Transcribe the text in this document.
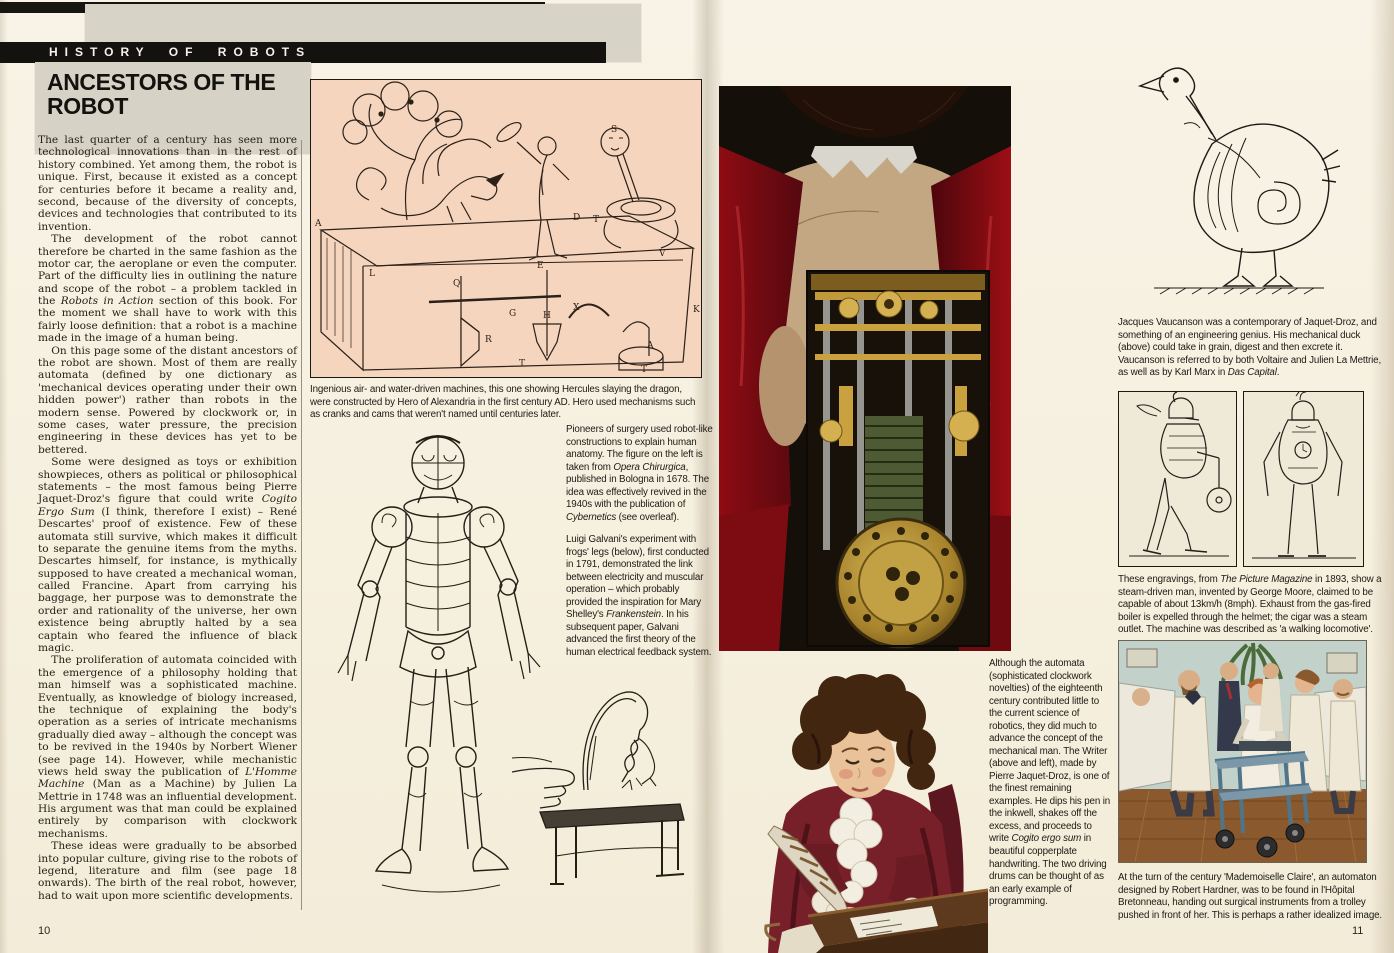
HISTORY OF ROBOTS
ANCESTORS OF THE ROBOT

The last quarter of a century has seen more technological innovations than in the rest of history combined. Yet among them, the robot is unique. First, because it existed as a concept for centuries before it became a reality and, second, because of the diversity of concepts, devices and technologies that contributed to its invention.

The development of the robot cannot therefore be charted in the same fashion as the motor car, the aeroplane or even the computer. Part of the difficulty lies in outlining the nature and scope of the robot – a problem tackled in the Robots in Action section of this book. For the moment we shall have to work with this fairly loose definition: that a robot is a machine made in the image of a human being.

On this page some of the distant ancestors of the robot are shown. Most of them are really automata (defined by one dictionary as 'mechanical devices operating under their own hidden power') rather than robots in the modern sense. Powered by clockwork or, in some cases, water pressure, the precision engineering in these devices has yet to be bettered.

Some were designed as toys or exhibition showpieces, others as political or philosophical statements – the most famous being Pierre Jaquet-Droz's figure that could write Cogito Ergo Sum (I think, therefore I exist) – René Descartes' proof of existence. Few of these automata still survive, which makes it difficult to separate the genuine items from the myths. Descartes himself, for instance, is mythically supposed to have created a mechanical woman, called Francine. Apart from carrying his baggage, her purpose was to demonstrate the order and rationality of the universe, her own existence being abruptly halted by a sea captain who feared the influence of black magic.

The proliferation of automata coincided with the emergence of a philosophy holding that man himself was a sophisticated machine. Eventually, as knowledge of biology increased, the technique of explaining the body's operation as a series of intricate mechanisms gradually died away – although the concept was to be revived in the 1940s by Norbert Wiener (see page 14). However, while mechanistic views held sway the publication of L'Homme Machine (Man as a Machine) by Julien La Mettrie in 1748 was an influential development. His argument was that man could be explained entirely by comparison with clockwork mechanisms.

These ideas were gradually to be absorbed into popular culture, giving rise to the robots of legend, literature and film (see page 18 onwards). The birth of the real robot, however, had to wait upon more scientific developments.

10	11
A
L
Q
E
T
V
S
X	K
R
H
A
D
G
T
T
Ingenious air- and water-driven machines, this one showing Hercules slaying the dragon, were constructed by Hero of Alexandria in the first century AD. Hero used mechanisms such as cranks and cams that weren't named until centuries later.
Pioneers of surgery used robot-like constructions to explain human anatomy. The figure on the left is taken from Opera Chirurgica, published in Bologna in 1678. The idea was effectively revived in the 1940s with the publication of Cybernetics (see overleaf).
Luigi Galvani's experiment with frogs' legs (below), first conducted in 1791, demonstrated the link between electricity and muscular operation – which probably provided the inspiration for Mary Shelley's Frankenstein. In his subsequent paper, Galvani advanced the first theory of the human electrical feedback system.
Although the automata (sophisticated clockwork novelties) of the eighteenth century contributed little to the current science of robotics, they did much to advance the concept of the mechanical man. The Writer (above and left), made by Pierre Jaquet-Droz, is one of the finest remaining examples. He dips his pen in the inkwell, shakes off the excess, and proceeds to write Cogito ergo sum in beautiful copperplate handwriting. The two driving drums can be thought of as an early example of programming.
Jacques Vaucanson was a contemporary of Jaquet-Droz, and something of an engineering genius. His mechanical duck (above) could take in grain, digest and then excrete it. Vaucanson is referred to by both Voltaire and Julien La Mettrie, as well as by Karl Marx in Das Capital.
These engravings, from The Picture Magazine in 1893, show a steam-driven man, invented by George Moore, claimed to be capable of about 13km/h (8mph). Exhaust from the gas-fired boiler is expelled through the helmet; the cigar was a steam outlet. The machine was described as 'a walking locomotive'.
At the turn of the century 'Mademoiselle Claire', an automaton designed by Robert Hardner, was to be found in l'Hôpital Bretonneau, handing out surgical instruments from a trolley pushed in front of her. This is perhaps a rather idealized image.
